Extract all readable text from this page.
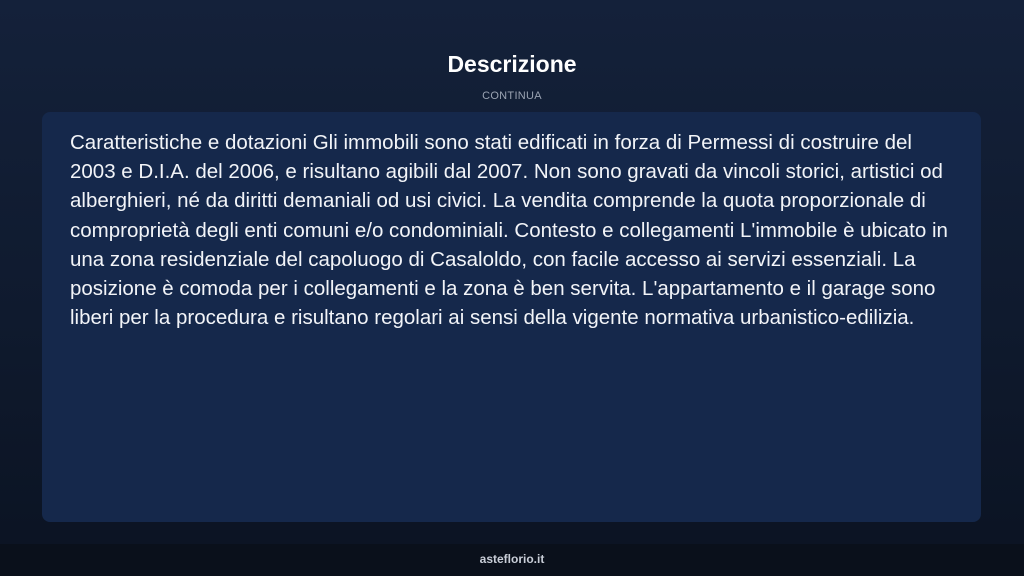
Descrizione
CONTINUA

Caratteristiche e dotazioni Gli immobili sono stati edificati in forza di Permessi di costruire del 2003 e D.I.A. del 2006, e risultano agibili dal 2007. Non sono gravati da vincoli storici, artistici od alberghieri, né da diritti demaniali od usi civici. La vendita comprende la quota proporzionale di comproprietà degli enti comuni e/o condominiali. Contesto e collegamenti L'immobile è ubicato in una zona residenziale del capoluogo di Casaloldo, con facile accesso ai servizi essenziali. La posizione è comoda per i collegamenti e la zona è ben servita. L'appartamento e il garage sono liberi per la procedura e risultano regolari ai sensi della vigente normativa urbanistico-edilizia.

asteflorio.it
